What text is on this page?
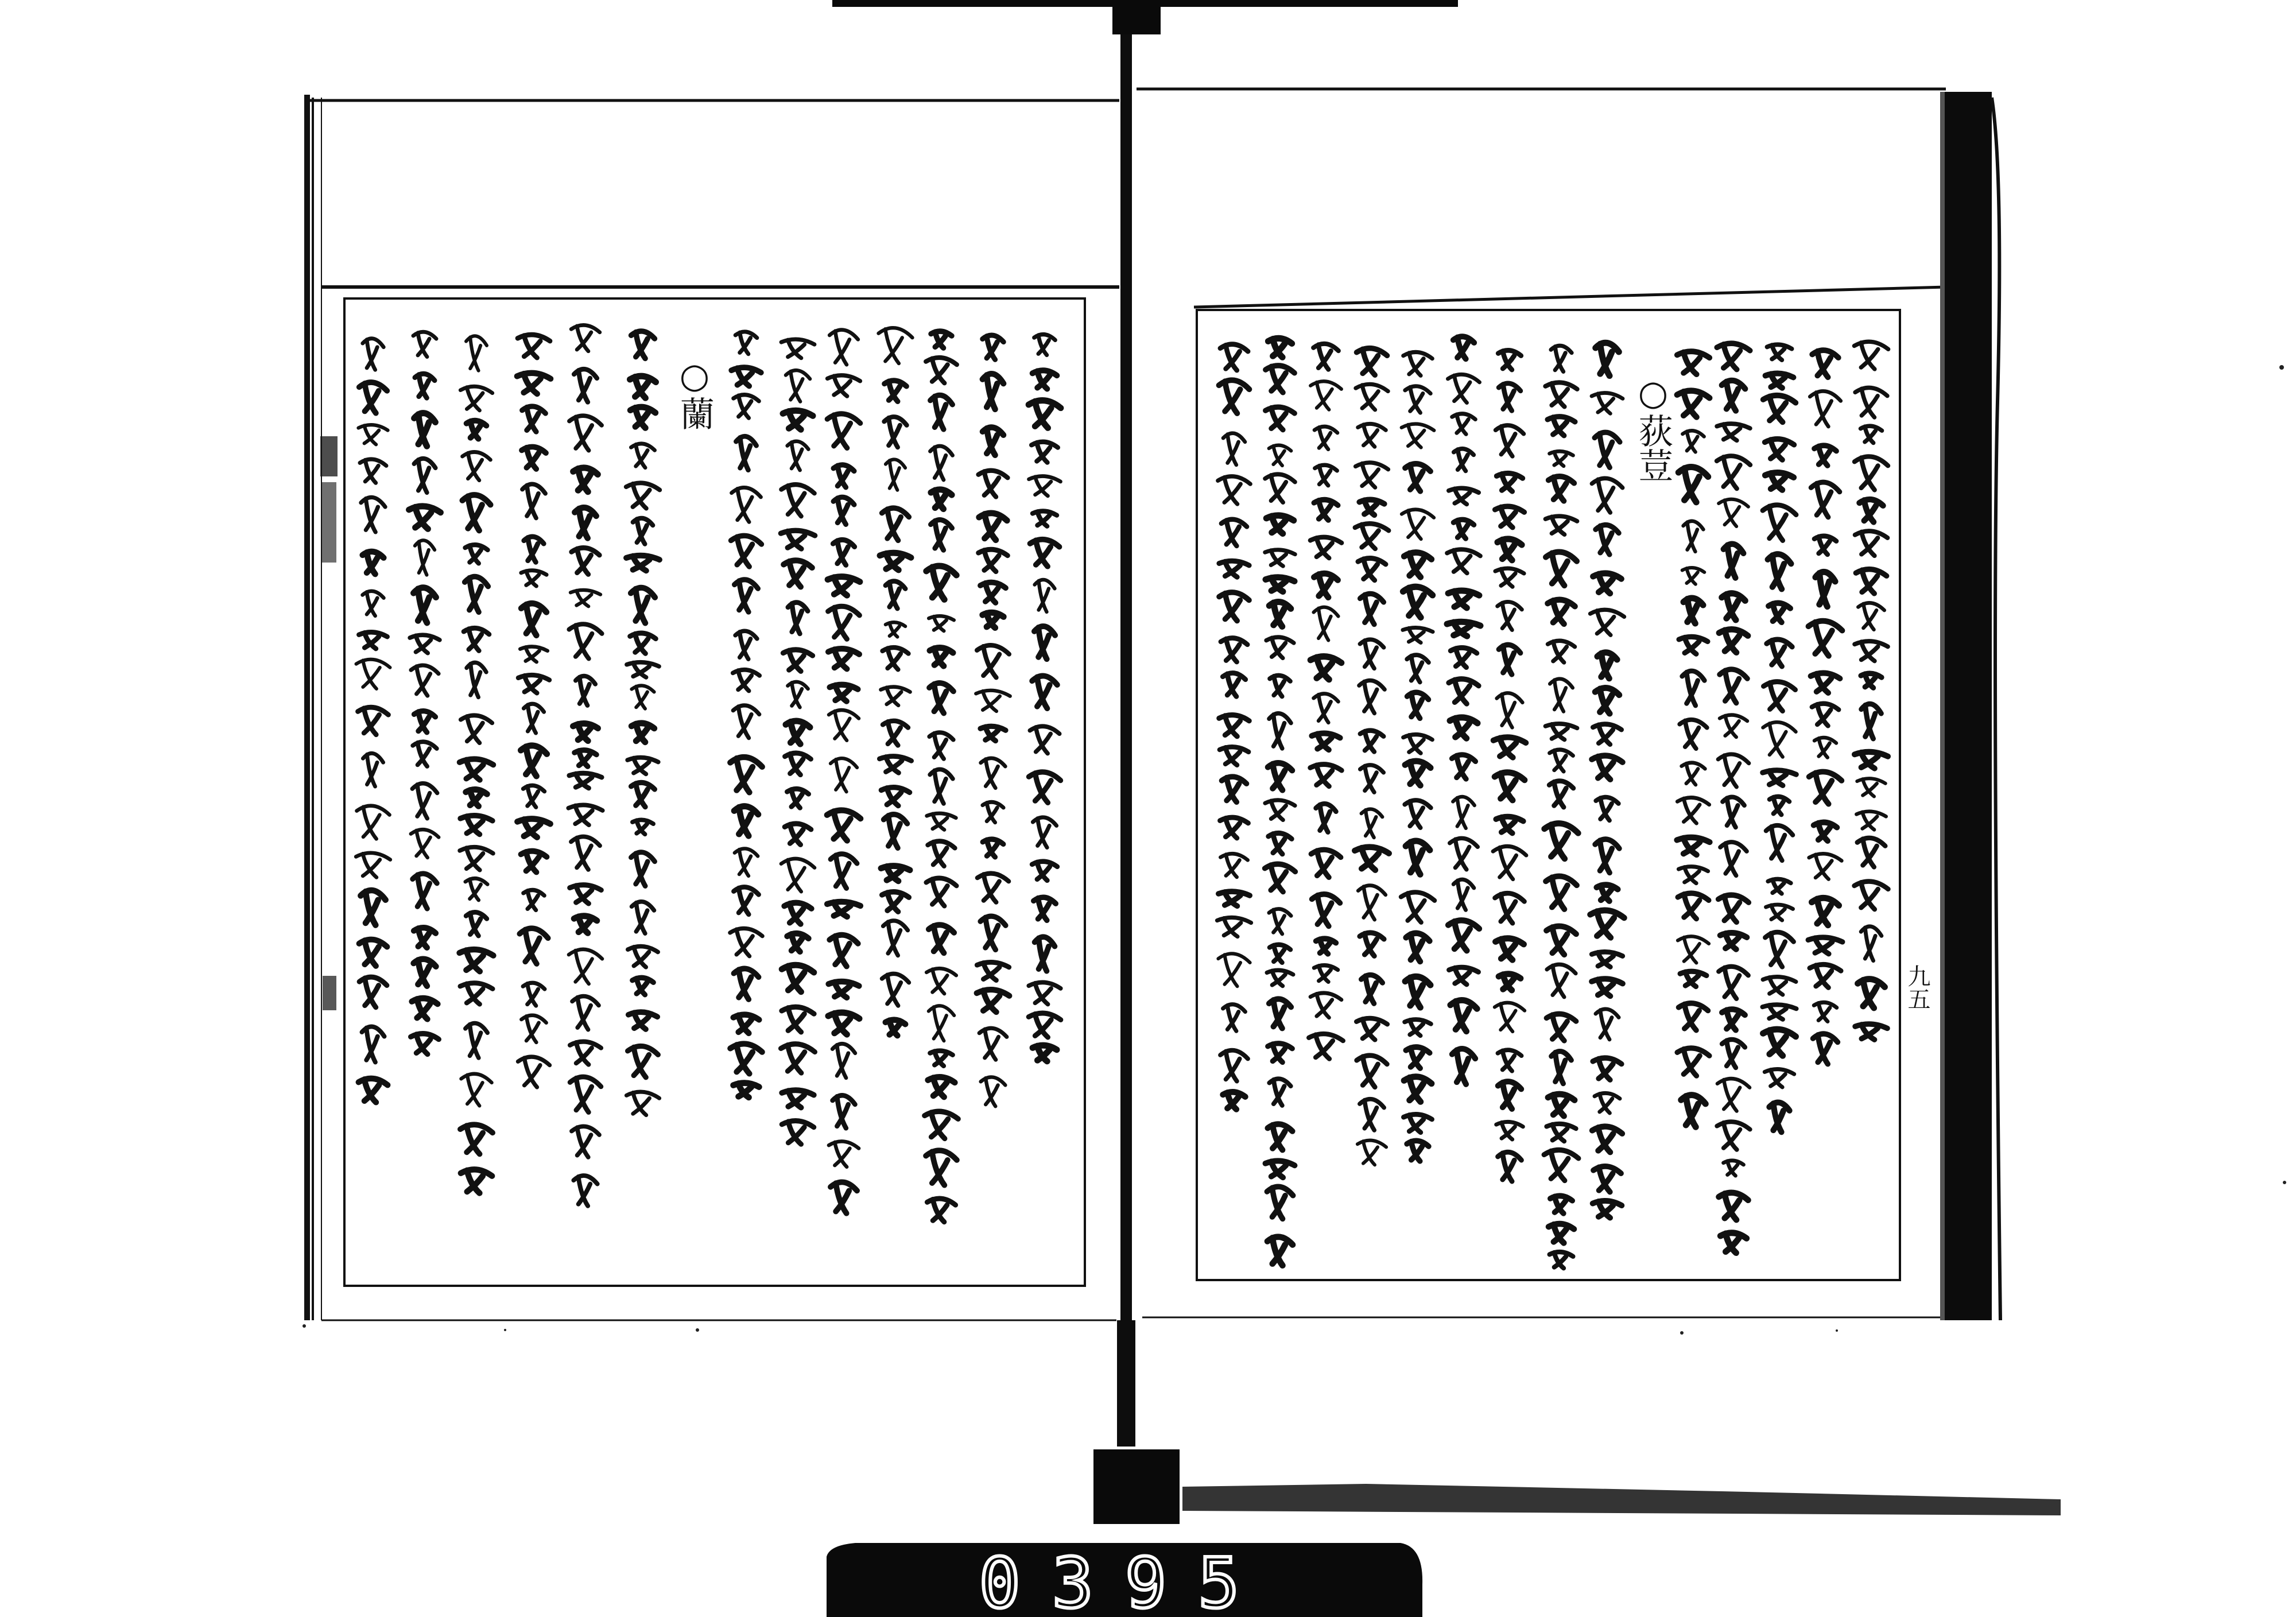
○蘭	○荻荳
九五
0395
